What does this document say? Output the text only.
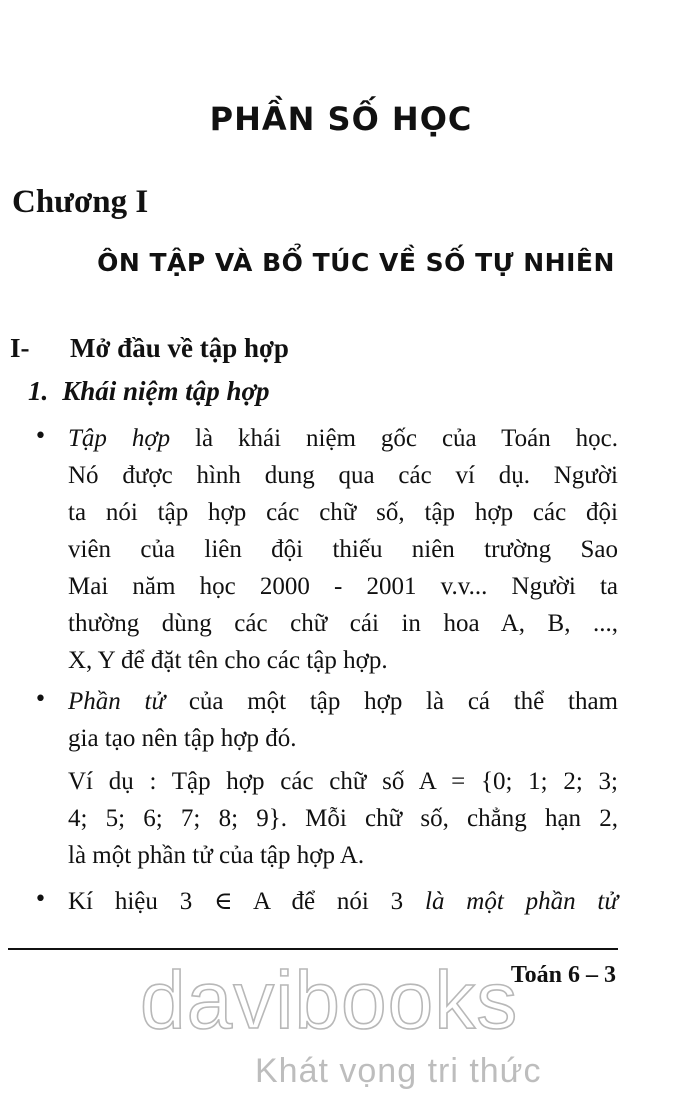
PHẦN SỐ HỌC
Chương I
ÔN TẬP VÀ BỔ TÚC VỀ SỐ TỰ NHIÊN
I- Mở đầu về tập hợp
1. Khái niệm tập hợp
• Tập hợp là khái niệm gốc của Toán học.
Nó được hình dung qua các ví dụ. Người
ta nói tập hợp các chữ số, tập hợp các đội
viên của liên đội thiếu niên trường Sao
Mai năm học 2000 - 2001 v.v... Người ta
thường dùng các chữ cái in hoa A, B, ...,
X, Y để đặt tên cho các tập hợp.
• Phần tử của một tập hợp là cá thể tham
gia tạo nên tập hợp đó.
Ví dụ : Tập hợp các chữ số A = {0; 1; 2; 3;
4; 5; 6; 7; 8; 9}. Mỗi chữ số, chẳng hạn 2,
là một phần tử của tập hợp A.
• Kí hiệu 3 ∈ A để nói 3 là một phần tử
davibooks
Khát vọng tri thức
Toán 6 – 3
